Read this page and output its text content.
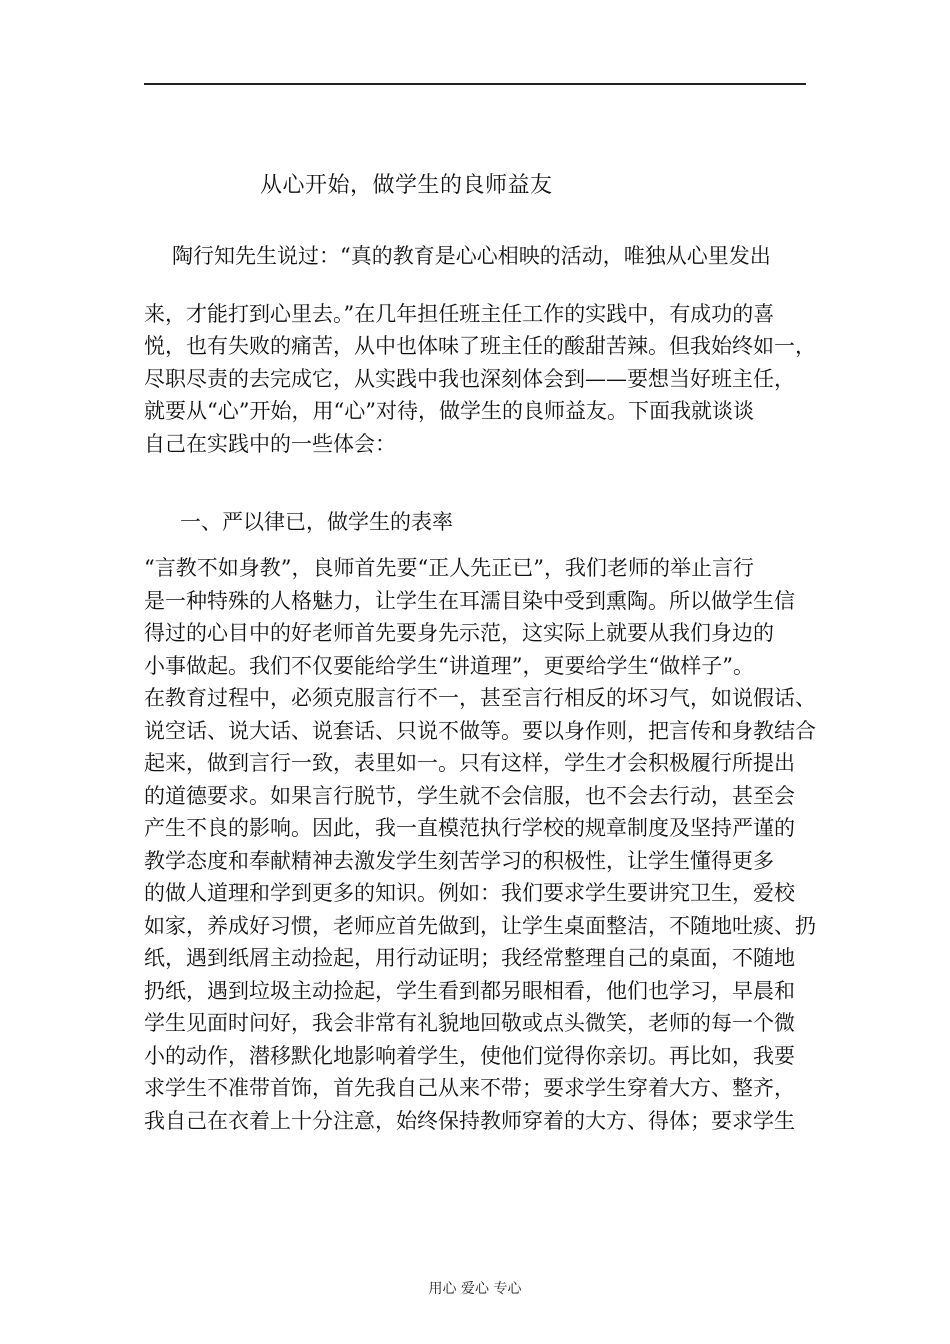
从心开始，做学生的良师益友
陶行知先生说过：“真的教育是心心相映的活动，唯独从心里发出
来，才能打到心里去。”在几年担任班主任工作的实践中，有成功的喜
悦，也有失败的痛苦，从中也体味了班主任的酸甜苦辣。但我始终如一，
尽职尽责的去完成它，从实践中我也深刻体会到——要想当好班主任，
就要从“心”开始，用“心”对待，做学生的良师益友。下面我就谈谈
自己在实践中的一些体会：
一、严以律已，做学生的表率
“言教不如身教”，良师首先要“正人先正已”，我们老师的举止言行
是一种特殊的人格魅力，让学生在耳濡目染中受到熏陶。所以做学生信
得过的心目中的好老师首先要身先示范，这实际上就要从我们身边的
小事做起。我们不仅要能给学生“讲道理”，更要给学生“做样子”。
在教育过程中，必须克服言行不一，甚至言行相反的坏习气，如说假话、
说空话、说大话、说套话、只说不做等。要以身作则，把言传和身教结合
起来，做到言行一致，表里如一。只有这样，学生才会积极履行所提出
的道德要求。如果言行脱节，学生就不会信服，也不会去行动，甚至会
产生不良的影响。因此，我一直模范执行学校的规章制度及坚持严谨的
教学态度和奉献精神去激发学生刻苦学习的积极性，让学生懂得更多
的做人道理和学到更多的知识。例如：我们要求学生要讲究卫生，爱校
如家，养成好习惯，老师应首先做到，让学生桌面整洁，不随地吐痰、扔
纸，遇到纸屑主动捡起，用行动证明；我经常整理自己的桌面，不随地
扔纸，遇到垃圾主动捡起，学生看到都另眼相看，他们也学习，早晨和
学生见面时问好，我会非常有礼貌地回敬或点头微笑，老师的每一个微
小的动作，潜移默化地影响着学生，使他们觉得你亲切。再比如，我要
求学生不准带首饰，首先我自己从来不带；要求学生穿着大方、整齐，
我自己在衣着上十分注意，始终保持教师穿着的大方、得体；要求学生
用心 爱心 专心
